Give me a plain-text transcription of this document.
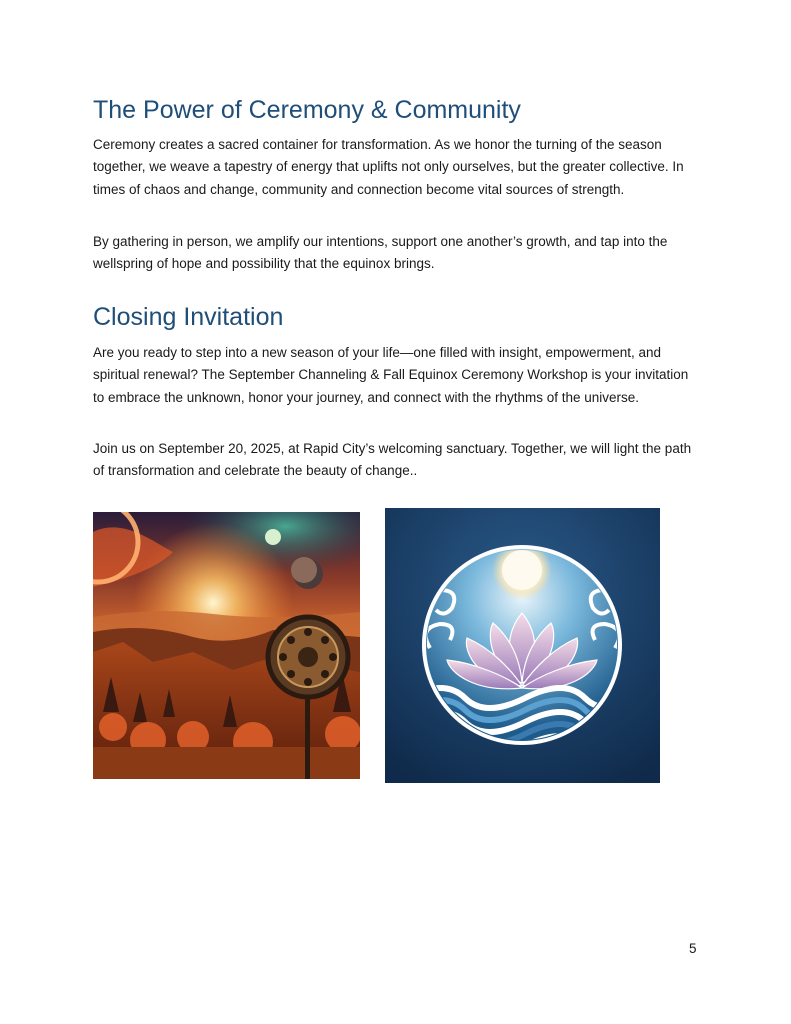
The Power of Ceremony & Community

Ceremony creates a sacred container for transformation. As we honor the turning of the season together, we weave a tapestry of energy that uplifts not only ourselves, but the greater collective. In times of chaos and change, community and connection become vital sources of strength.

By gathering in person, we amplify our intentions, support one another’s growth, and tap into the wellspring of hope and possibility that the equinox brings.

Closing Invitation

Are you ready to step into a new season of your life—one filled with insight, empowerment, and spiritual renewal? The September Channeling & Fall Equinox Ceremony Workshop is your invitation to embrace the unknown, honor your journey, and connect with the rhythms of the universe.

Join us on September 20, 2025, at Rapid City’s welcoming sanctuary. Together, we will light the path of transformation and celebrate the beauty of change..

5
